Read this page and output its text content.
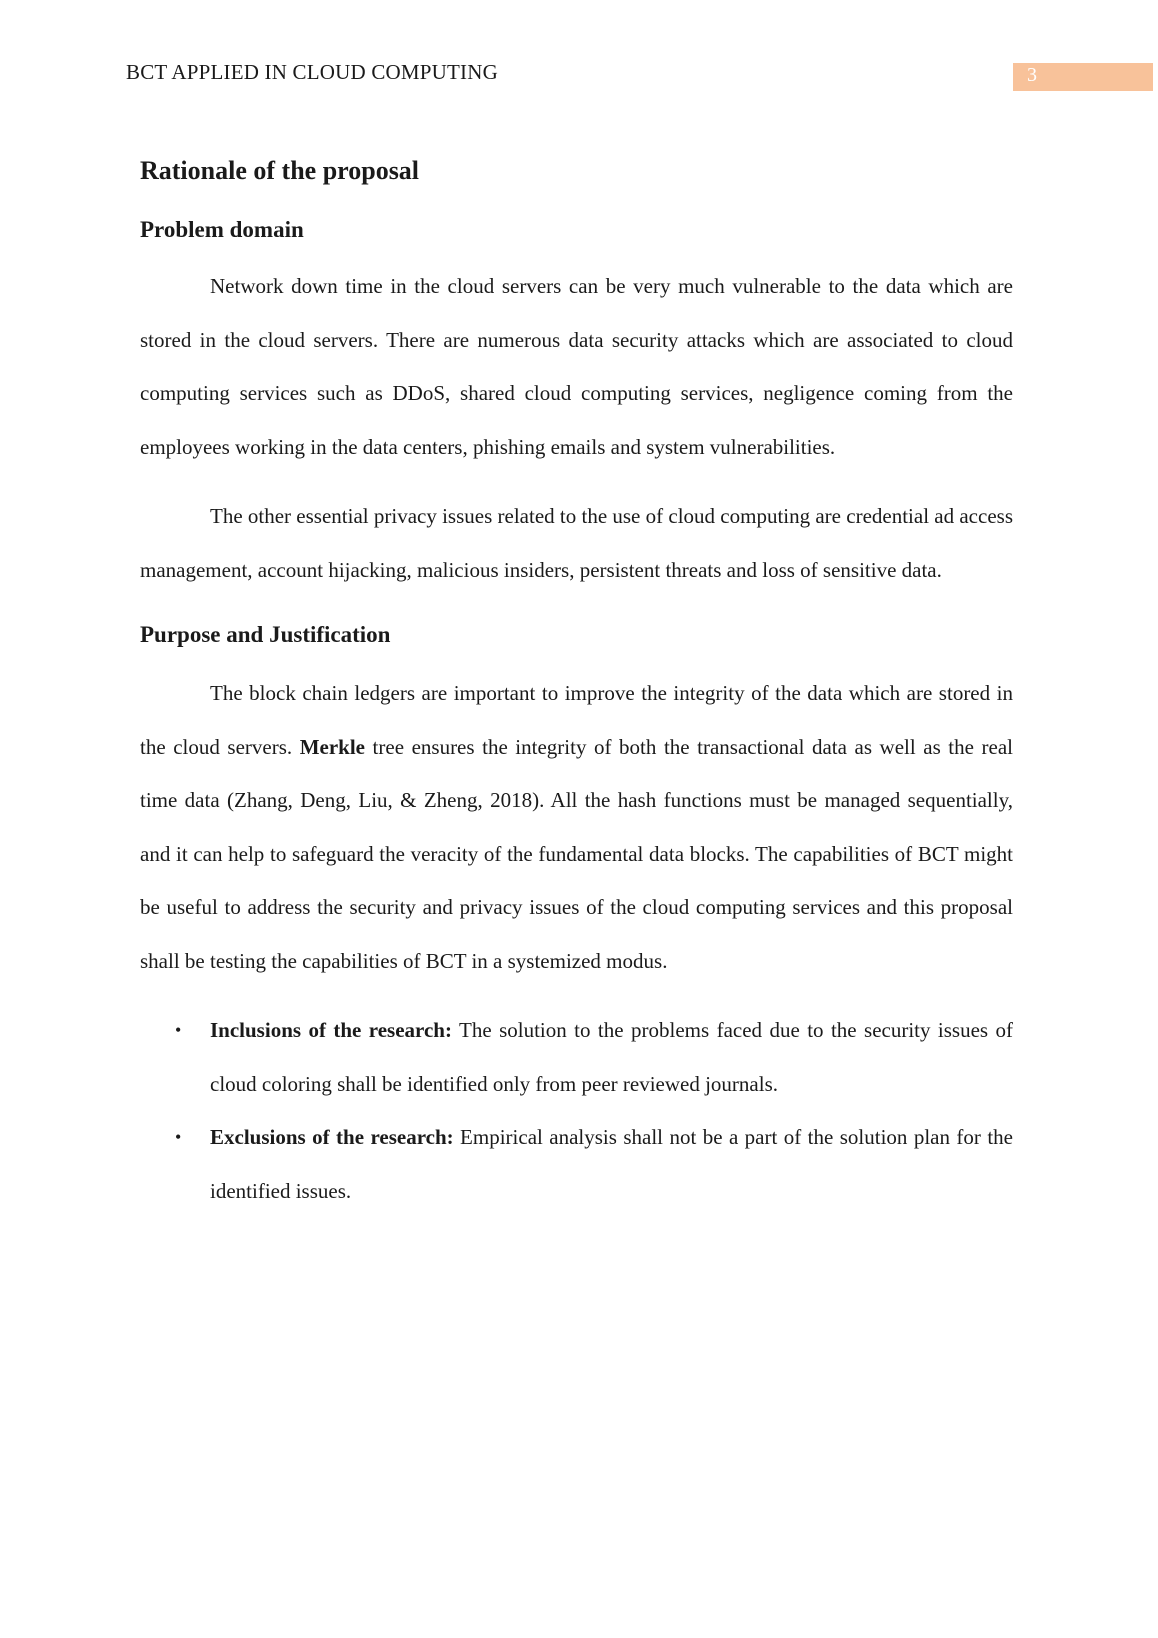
BCT APPLIED IN CLOUD COMPUTING	3
Rationale of the proposal
Problem domain

Network down time in the cloud servers can be very much vulnerable to the data which are stored in the cloud servers. There are numerous data security attacks which are associated to cloud computing services such as DDoS, shared cloud computing services, negligence coming from the employees working in the data centers, phishing emails and system vulnerabilities.

The other essential privacy issues related to the use of cloud computing are credential ad access management, account hijacking, malicious insiders, persistent threats and loss of sensitive data.

Purpose and Justification

The block chain ledgers are important to improve the integrity of the data which are stored in the cloud servers. Merkle tree ensures the integrity of both the transactional data as well as the real time data (Zhang, Deng, Liu, & Zheng, 2018). All the hash functions must be managed sequentially, and it can help to safeguard the veracity of the fundamental data blocks. The capabilities of BCT might be useful to address the security and privacy issues of the cloud computing services and this proposal shall be testing the capabilities of BCT in a systemized modus.

• Inclusions of the research: The solution to the problems faced due to the security issues of cloud coloring shall be identified only from peer reviewed journals.
• Exclusions of the research: Empirical analysis shall not be a part of the solution plan for the identified issues.
